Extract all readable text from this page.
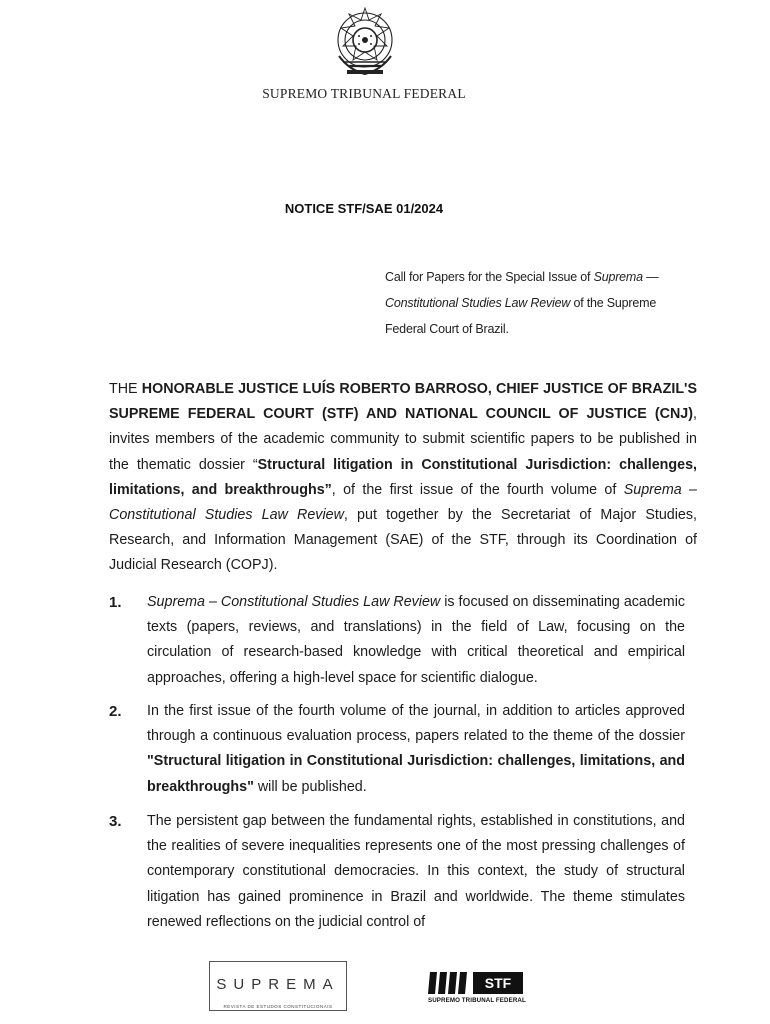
SUPREMO TRIBUNAL FEDERAL
NOTICE STF/SAE 01/2024
Call for Papers for the Special Issue of Suprema —
Constitutional Studies Law Review of the Supreme Federal Court of Brazil.
THE HONORABLE JUSTICE LUÍS ROBERTO BARROSO, CHIEF JUSTICE OF BRAZIL'S SUPREME FEDERAL COURT (STF) AND NATIONAL COUNCIL OF JUSTICE (CNJ), invites members of the academic community to submit scientific papers to be published in the thematic dossier “Structural litigation in Constitutional Jurisdiction: challenges, limitations, and breakthroughs”, of the first issue of the fourth volume of Suprema – Constitutional Studies Law Review, put together by the Secretariat of Major Studies, Research, and Information Management (SAE) of the STF, through its Coordination of Judicial Research (COPJ).
1.	Suprema – Constitutional Studies Law Review is focused on disseminating academic texts (papers, reviews, and translations) in the field of Law, focusing on the circulation of research-based knowledge with critical theoretical and empirical approaches, offering a high-level space for scientific dialogue.
2.	In the first issue of the fourth volume of the journal, in addition to articles approved through a continuous evaluation process, papers related to the theme of the dossier "Structural litigation in Constitutional Jurisdiction: challenges, limitations, and breakthroughs" will be published.
3.	The persistent gap between the fundamental rights, established in constitutions, and the realities of severe inequalities represents one of the most pressing challenges of contemporary constitutional democracies. In this context, the study of structural litigation has gained prominence in Brazil and worldwide. The theme stimulates renewed reflections on the judicial control of
SUPREMA
REVISTA DE ESTUDOS CONSTITUCIONAIS
STF
SUPREMO TRIBUNAL FEDERAL
